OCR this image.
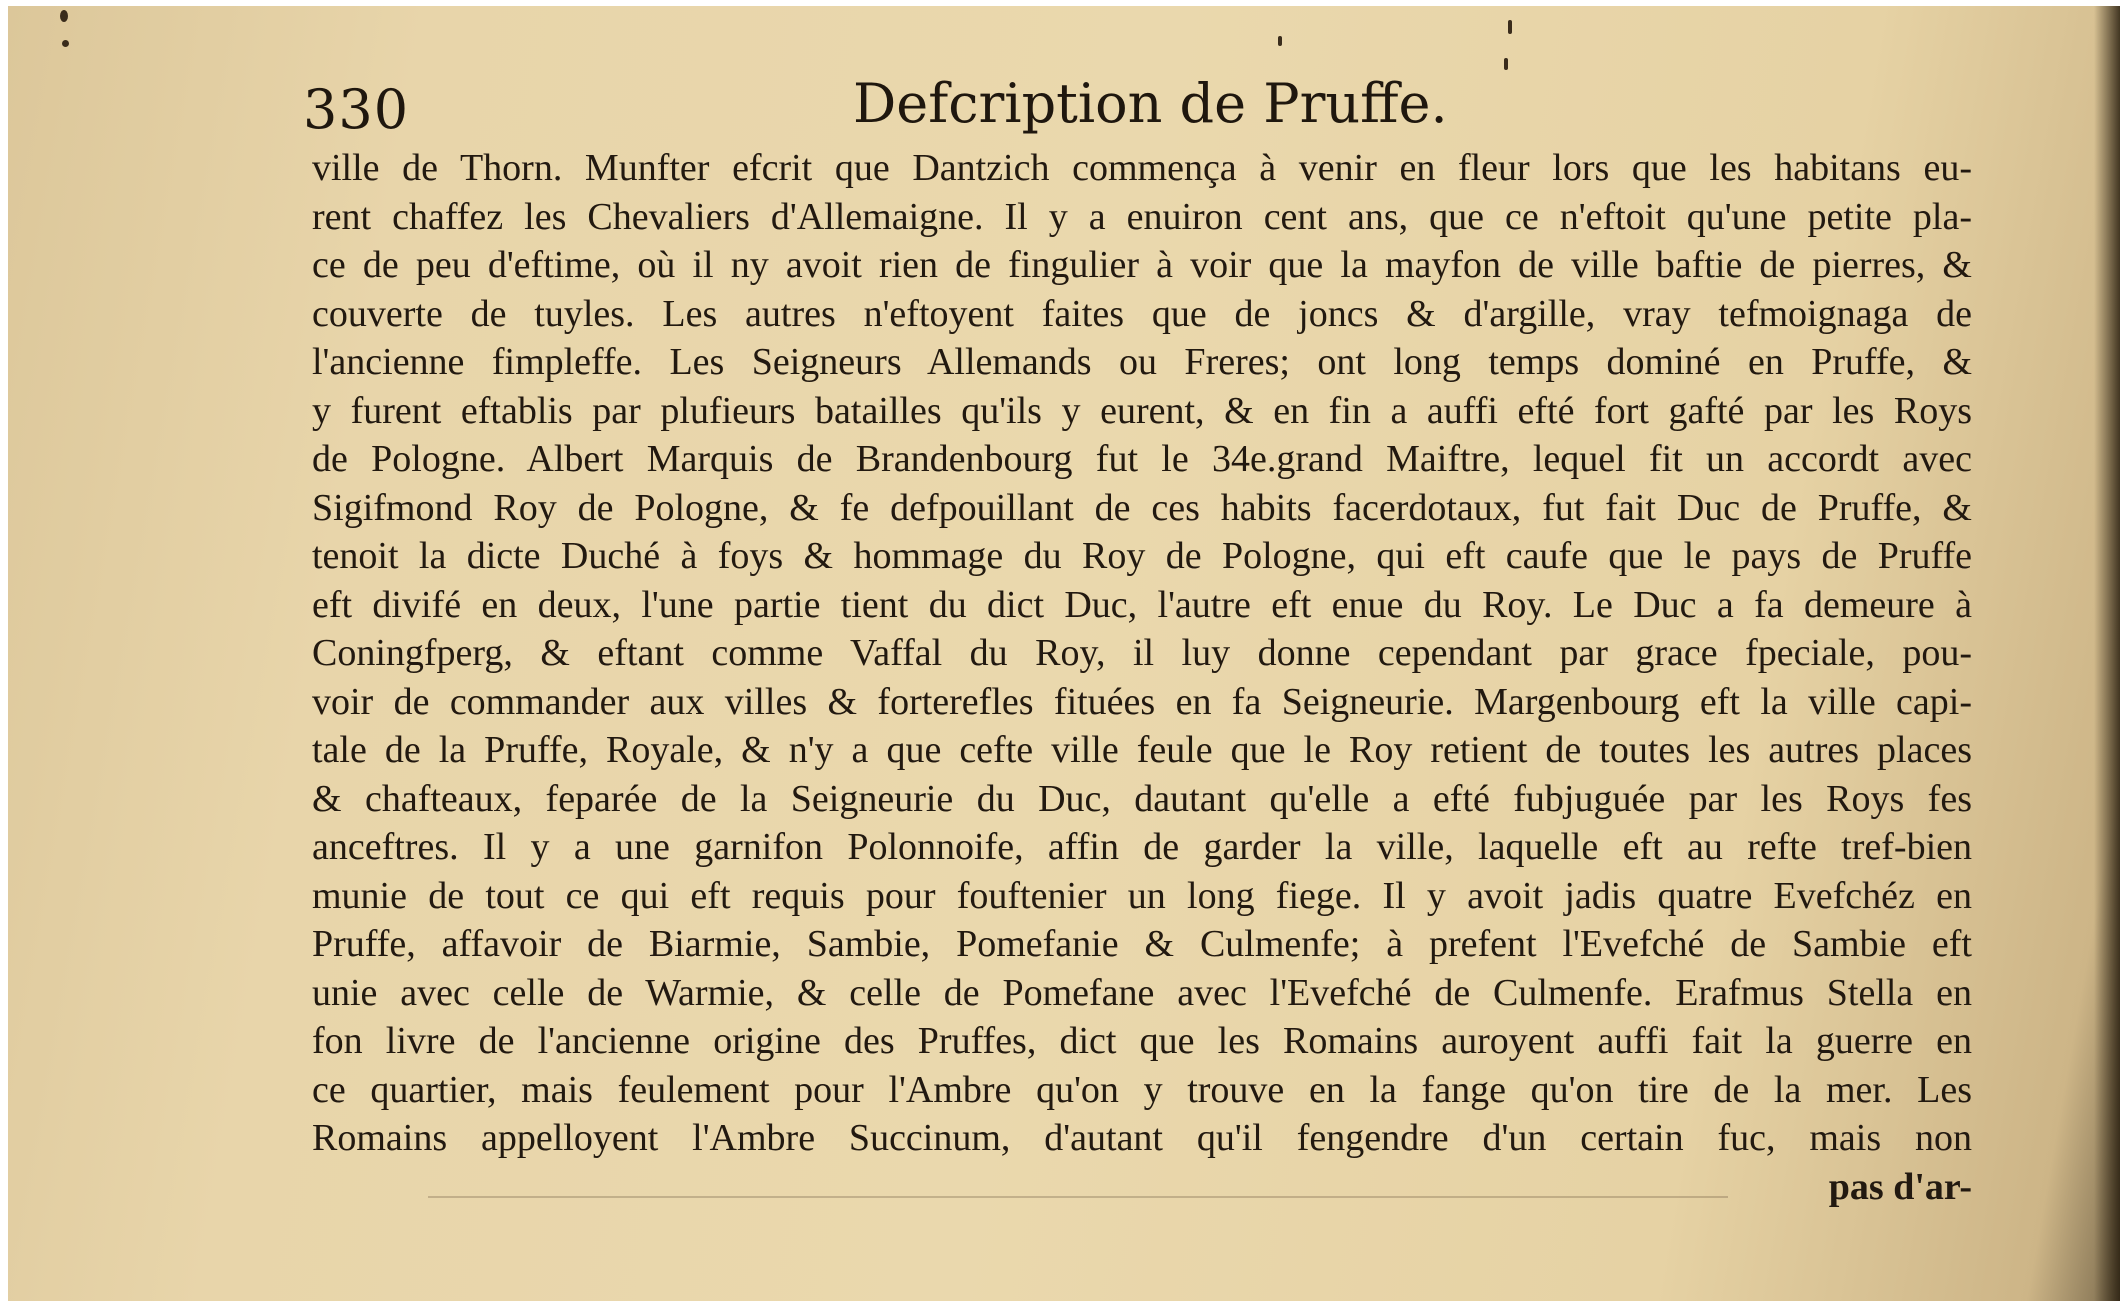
330	Defcription de Pruffe.
ville de Thorn. Munfter efcrit que Dantzich commença à venir en fleur lors que les habitans eu-
rent chaffez les Chevaliers d'Allemaigne. Il y a enuiron cent ans, que ce n'eftoit qu'une petite pla-
ce de peu d'eftime, où il ny avoit rien de fingulier à voir que la mayfon de ville baftie de pierres, &
couverte de tuyles. Les autres n'eftoyent faites que de joncs & d'argille, vray tefmoignaga de
l'ancienne fimpleffe. Les Seigneurs Allemands ou Freres; ont long temps dominé en Pruffe, &
y furent eftablis par plufieurs batailles qu'ils y eurent, & en fin a auffi efté fort gafté par les Roys
de Pologne. Albert Marquis de Brandenbourg fut le 34e.grand Maiftre, lequel fit un accordt avec
Sigifmond Roy de Pologne, & fe defpouillant de ces habits facerdotaux, fut fait Duc de Pruffe, &
tenoit la dicte Duché à foys & hommage du Roy de Pologne, qui eft caufe que le pays de Pruffe
eft divifé en deux, l'une partie tient du dict Duc, l'autre eft enue du Roy. Le Duc a fa demeure à
Coningfperg, & eftant comme Vaffal du Roy, il luy donne cependant par grace fpeciale, pou-
voir de commander aux villes & forterefles fituées en fa Seigneurie. Margenbourg eft la ville capi-
tale de la Pruffe, Royale, & n'y a que cefte ville feule que le Roy retient de toutes les autres places
& chafteaux, feparée de la Seigneurie du Duc, dautant qu'elle a efté fubjuguée par les Roys fes
anceftres. Il y a une garnifon Polonnoife, affin de garder la ville, laquelle eft au refte tref-bien
munie de tout ce qui eft requis pour fouftenier un long fiege. Il y avoit jadis quatre Evefchéz en
Pruffe, affavoir de Biarmie, Sambie, Pomefanie & Culmenfe; à prefent l'Evefché de Sambie eft
unie avec celle de Warmie, & celle de Pomefane avec l'Evefché de Culmenfe. Erafmus Stella en
fon livre de l'ancienne origine des Pruffes, dict que les Romains auroyent auffi fait la guerre en
ce quartier, mais feulement pour l'Ambre qu'on y trouve en la fange qu'on tire de la mer. Les
Romains appelloyent l'Ambre Succinum, d'autant qu'il fengendre d'un certain fuc, mais non
pas d'ar-
